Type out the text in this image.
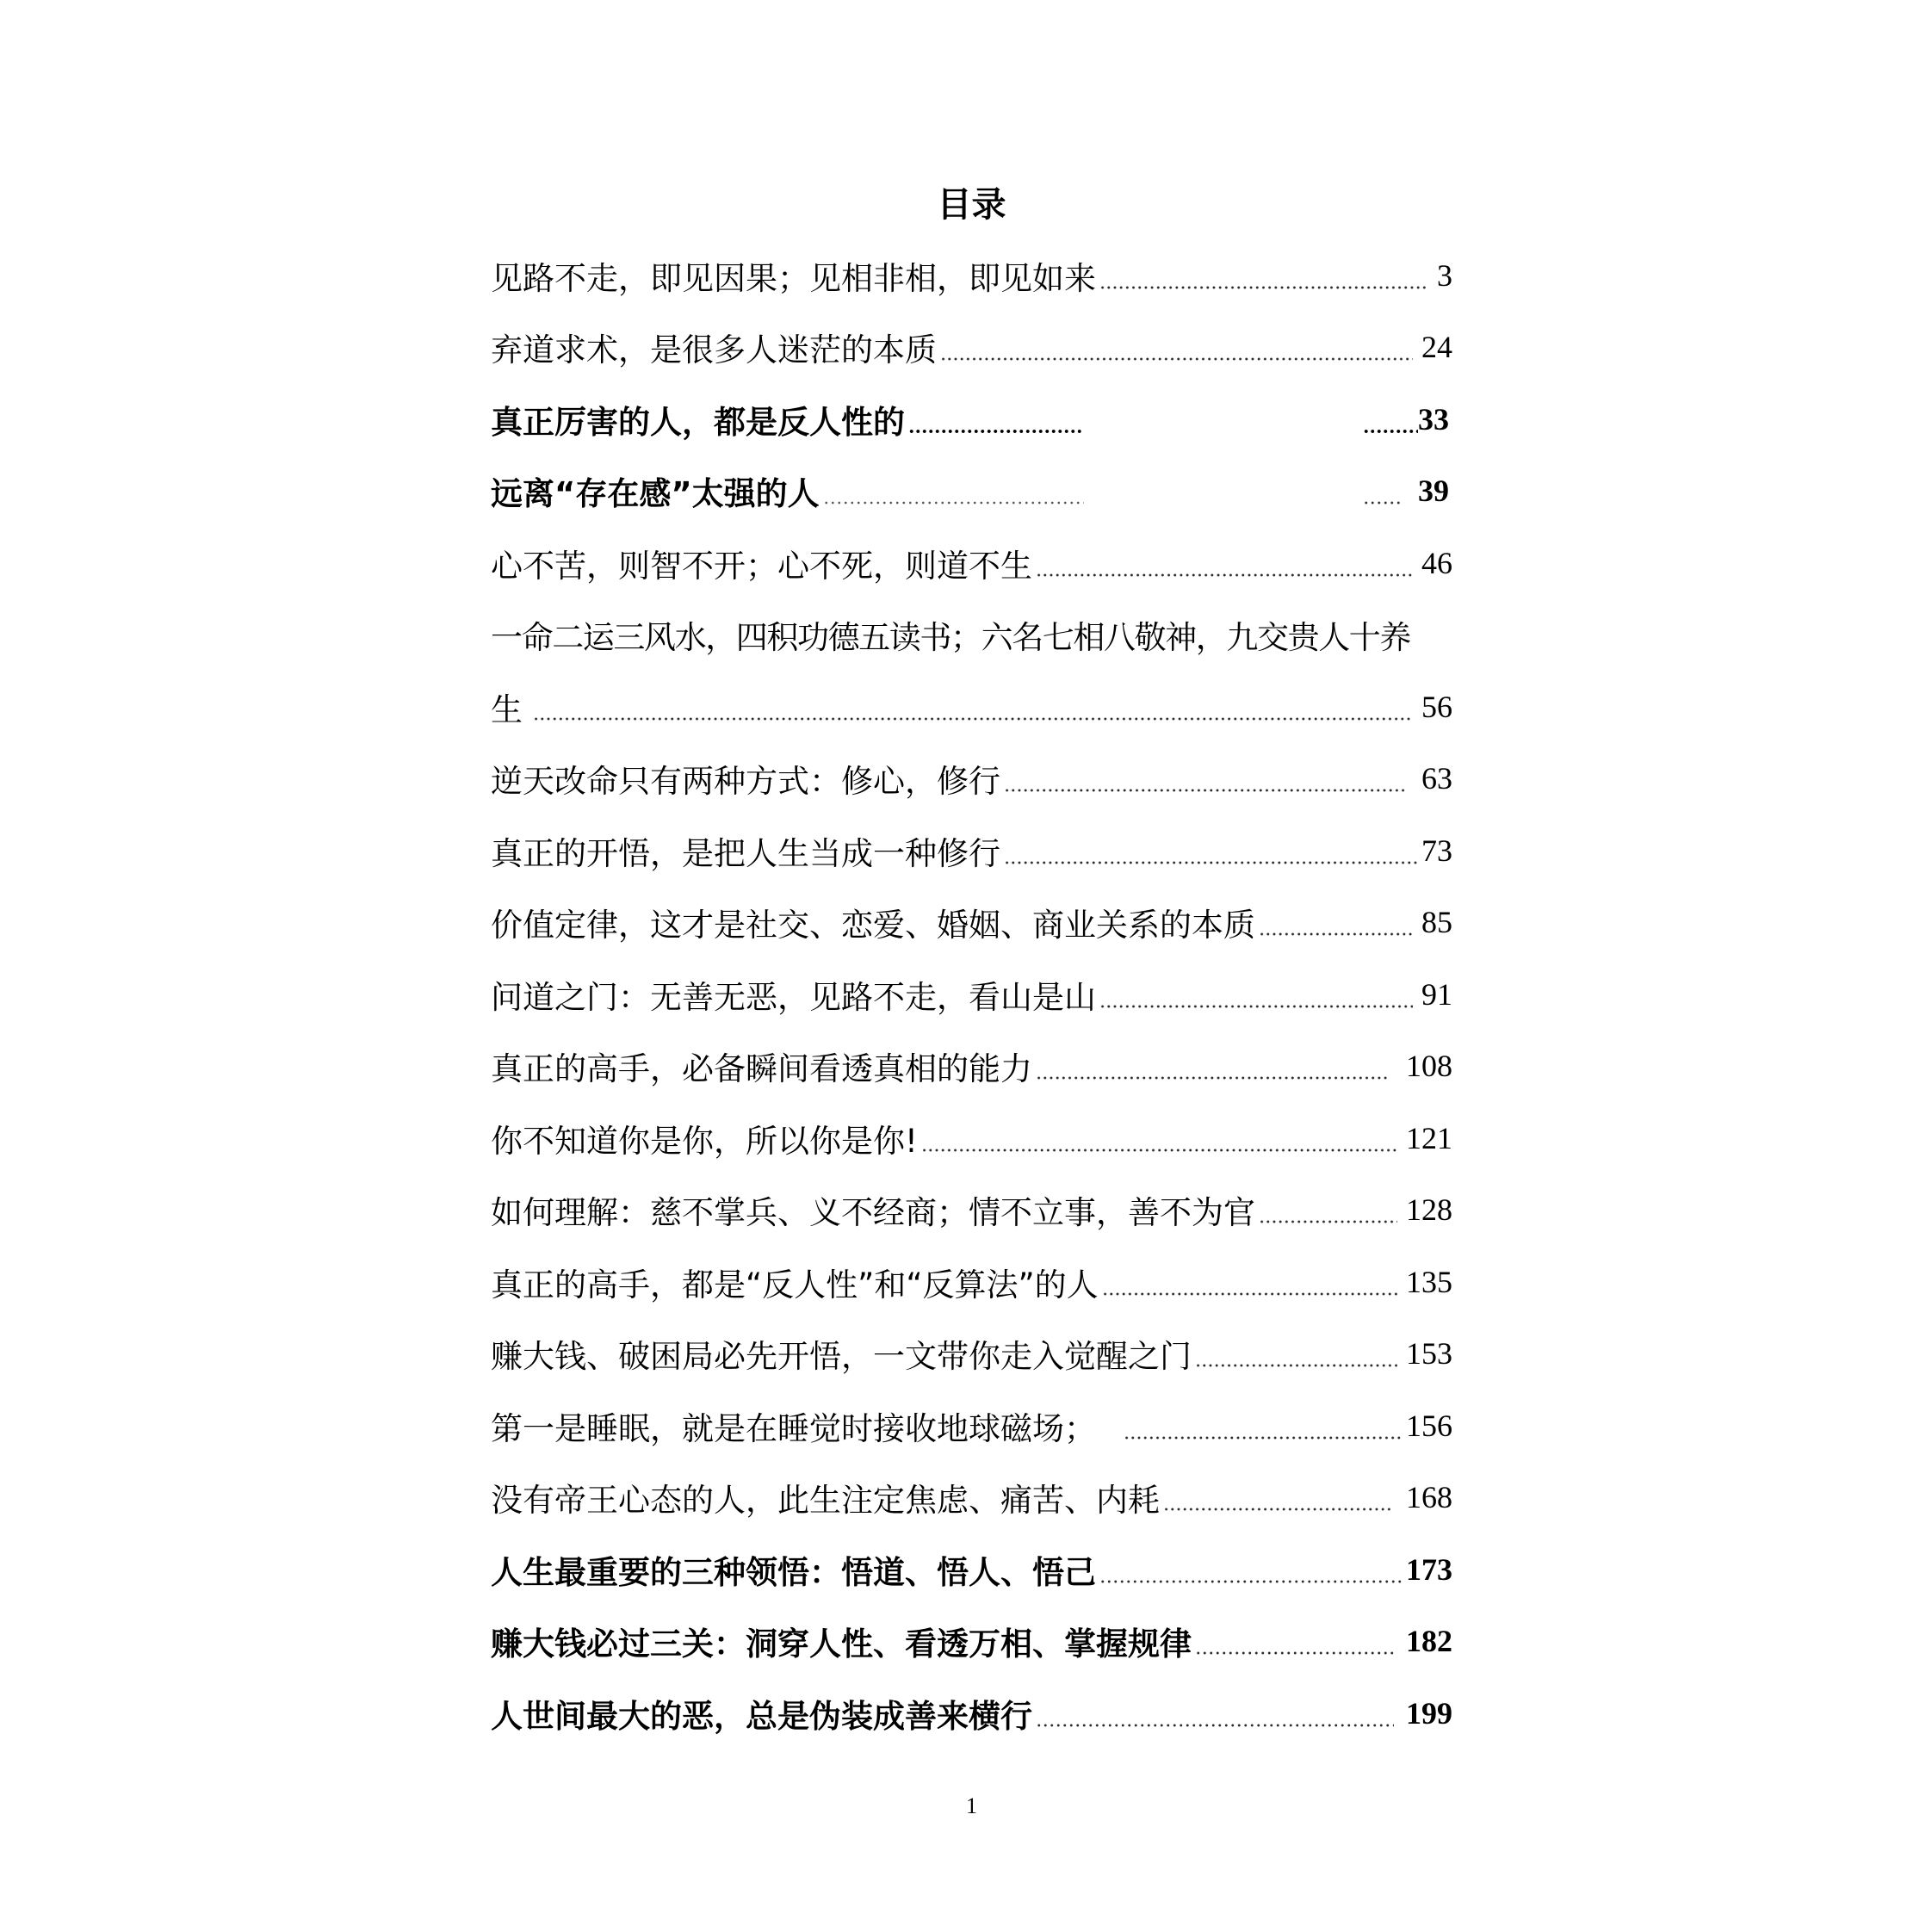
目录
见路不走，即见因果；见相非相，即见如来	3
弃道求术，是很多人迷茫的本质	24
真正厉害的人，都是反人性的	33
远离“存在感”太强的人	39
心不苦，则智不开；心不死，则道不生	46
一命二运三风水，四积功德五读书；六名七相八敬神，九交贵人十养
生	56
逆天改命只有两种方式：修心，修行	63
真正的开悟，是把人生当成一种修行	73
价值定律，这才是社交、恋爱、婚姻、商业关系的本质	85
问道之门：无善无恶，见路不走，看山是山	91
真正的高手，必备瞬间看透真相的能力	108
你不知道你是你，所以你是你!	121
如何理解：慈不掌兵、义不经商；情不立事，善不为官	128
真正的高手，都是“反人性”和“反算法”的人	135
赚大钱、破困局必先开悟，一文带你走入觉醒之门	153
第一是睡眠，就是在睡觉时接收地球磁场；	156
没有帝王心态的人，此生注定焦虑、痛苦、内耗	168
人生最重要的三种领悟：悟道、悟人、悟己	173
赚大钱必过三关：洞穿人性、看透万相、掌握规律	182
人世间最大的恶，总是伪装成善来横行	199
1
